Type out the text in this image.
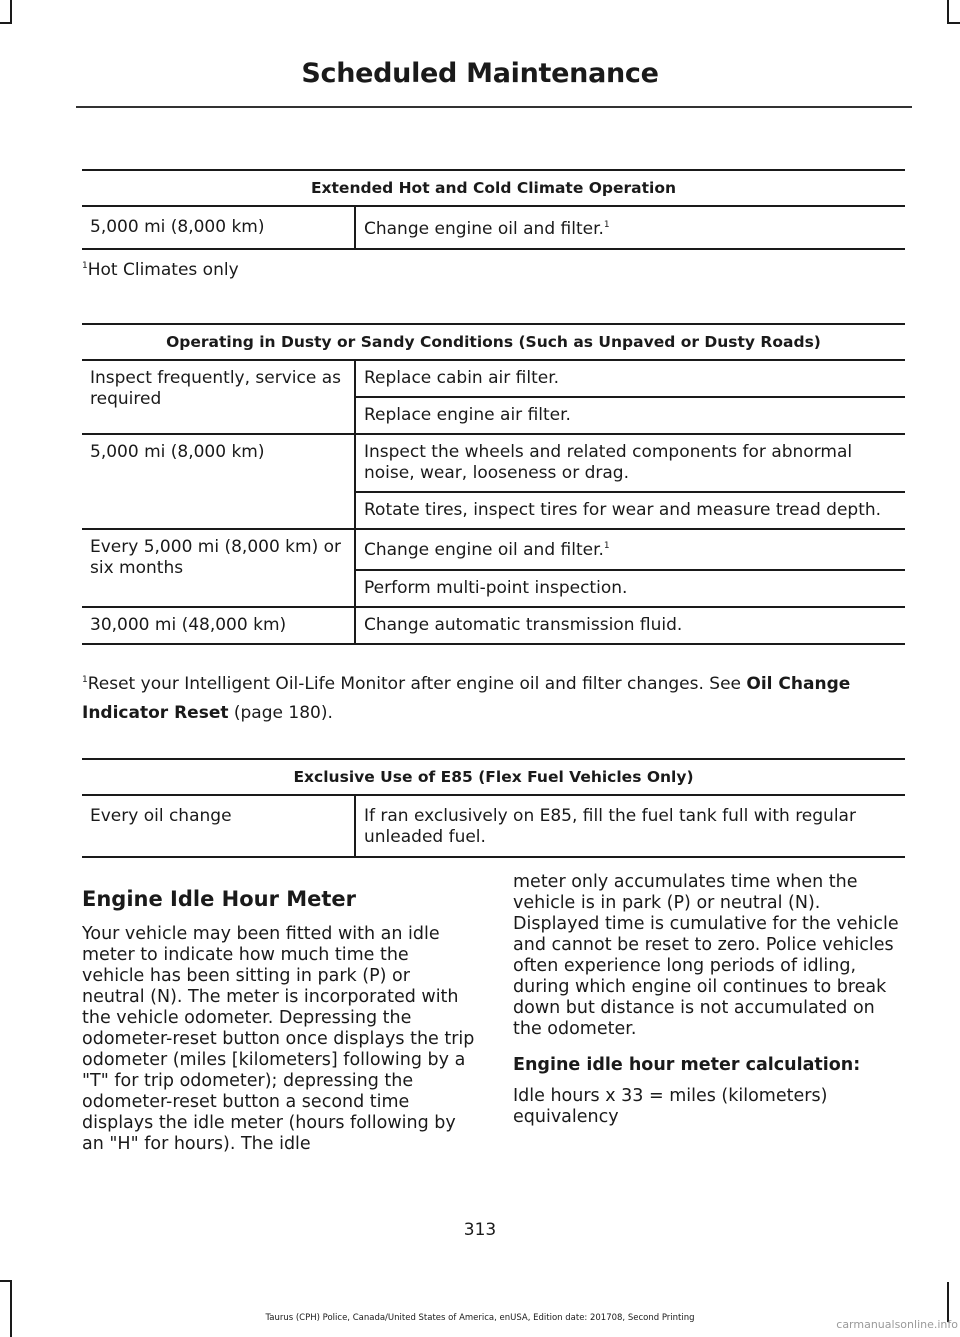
Scheduled Maintenance
Extended Hot and Cold Climate Operation
5,000 mi (8,000 km)	Change engine oil and filter.$^1$
$^1$Hot Climates only
Operating in Dusty or Sandy Conditions (Such as Unpaved or Dusty Roads)	
Inspect frequently, service as required	Replace cabin air filter.
	Replace engine air filter.
5,000 mi (8,000 km)	Inspect the wheels and related components for abnormal noise, wear, looseness or drag.
	Rotate tires, inspect tires for wear and measure tread depth.
Every 5,000 mi (8,000 km) or six months	Change engine oil and filter.$^1$
	Perform multi-point inspection.
30,000 mi (48,000 km)	Change automatic transmission fluid.
$^1$Reset your Intelligent Oil-Life Monitor after engine oil and filter changes. See Oil Change Indicator Reset (page 180).
Exclusive Use of E85 (Flex Fuel Vehicles Only)
Every oil change	If ran exclusively on E85, fill the fuel tank full with regular unleaded fuel.
Engine Idle Hour Meter

Your vehicle may been fitted with an idle meter to indicate how much time the vehicle has been sitting in park (P) or neutral (N). The meter is incorporated with the vehicle odometer. Depressing the odometer-reset button once displays the trip odometer (miles [kilometers] following by a "T" for trip odometer); depressing the odometer-reset button a second time displays the idle meter (hours following by an "H" for hours). The idle

meter only accumulates time when the vehicle is in park (P) or neutral (N). Displayed time is cumulative for the vehicle and cannot be reset to zero. Police vehicles often experience long periods of idling, during which engine oil continues to break down but distance is not accumulated on the odometer.

Engine idle hour meter calculation:

Idle hours x 33 = miles (kilometers) equivalency

313
Taurus (CPH) Police, Canada/United States of America, enUSA, Edition date: 201708, Second Printing	carmanualsonline.info
